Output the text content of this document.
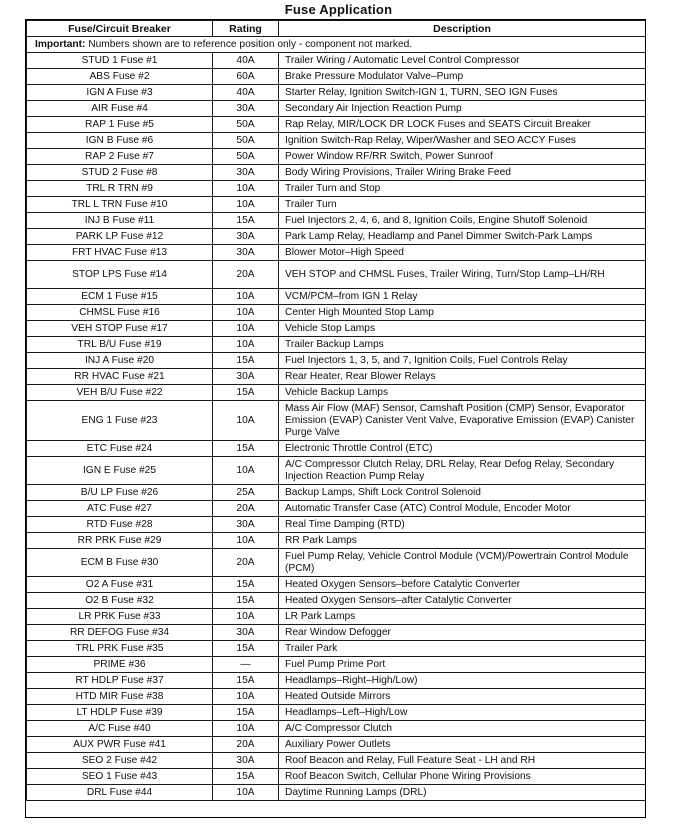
Fuse Application
Fuse/Circuit Breaker	Rating	Description
Important: Numbers shown are to reference position only - component not marked.		
STUD 1 Fuse #1	40A	Trailer Wiring / Automatic Level Control Compressor
ABS Fuse #2	60A	Brake Pressure Modulator Valve–Pump
IGN A Fuse #3	40A	Starter Relay, Ignition Switch-IGN 1, TURN, SEO IGN Fuses
AIR Fuse #4	30A	Secondary Air Injection Reaction Pump
RAP 1 Fuse #5	50A	Rap Relay, MIR/LOCK DR LOCK Fuses and SEATS Circuit Breaker
IGN B Fuse #6	50A	Ignition Switch-Rap Relay, Wiper/Washer and SEO ACCY Fuses
RAP 2 Fuse #7	50A	Power Window RF/RR Switch, Power Sunroof
STUD 2 Fuse #8	30A	Body Wiring Provisions, Trailer Wiring Brake Feed
TRL R TRN #9	10A	Trailer Turn and Stop
TRL L TRN Fuse #10	10A	Trailer Turn
INJ B Fuse #11	15A	Fuel Injectors 2, 4, 6, and 8, Ignition Coils, Engine Shutoff Solenoid
PARK LP Fuse #12	30A	Park Lamp Relay, Headlamp and Panel Dimmer Switch-Park Lamps
FRT HVAC Fuse #13	30A	Blower Motor–High Speed
STOP LPS Fuse #14	20A	VEH STOP and CHMSL Fuses, Trailer Wiring, Turn/Stop Lamp–LH/RH
ECM 1 Fuse #15	10A	VCM/PCM–from IGN 1 Relay
CHMSL Fuse #16	10A	Center High Mounted Stop Lamp
VEH STOP Fuse #17	10A	Vehicle Stop Lamps
TRL B/U Fuse #19	10A	Trailer Backup Lamps
INJ A Fuse #20	15A	Fuel Injectors 1, 3, 5, and 7, Ignition Coils, Fuel Controls Relay
RR HVAC Fuse #21	30A	Rear Heater, Rear Blower Relays
VEH B/U Fuse #22	15A	Vehicle Backup Lamps
ENG 1 Fuse #23	10A	Mass Air Flow (MAF) Sensor, Camshaft Position (CMP) Sensor, Evaporator Emission (EVAP) Canister Vent Valve, Evaporative Emission (EVAP) Canister Purge Valve
ETC Fuse #24	15A	Electronic Throttle Control (ETC)
IGN E Fuse #25	10A	A/C Compressor Clutch Relay, DRL Relay, Rear Defog Relay, Secondary Injection Reaction Pump Relay
B/U LP Fuse #26	25A	Backup Lamps, Shift Lock Control Solenoid
ATC Fuse #27	20A	Automatic Transfer Case (ATC) Control Module, Encoder Motor
RTD Fuse #28	30A	Real Time Damping (RTD)
RR PRK Fuse #29	10A	RR Park Lamps
ECM B Fuse #30	20A	Fuel Pump Relay, Vehicle Control Module (VCM)/Powertrain Control Module (PCM)
O2 A Fuse #31	15A	Heated Oxygen Sensors–before Catalytic Converter
O2 B Fuse #32	15A	Heated Oxygen Sensors–after Catalytic Converter
LR PRK Fuse #33	10A	LR Park Lamps
RR DEFOG Fuse #34	30A	Rear Window Defogger
TRL PRK Fuse #35	15A	Trailer Park
PRIME #36	—	Fuel Pump Prime Port
RT HDLP Fuse #37	15A	Headlamps–Right–High/Low)
HTD MIR Fuse #38	10A	Heated Outside Mirrors
LT HDLP Fuse #39	15A	Headlamps–Left–High/Low
A/C Fuse #40	10A	A/C Compressor Clutch
AUX PWR Fuse #41	20A	Auxiliary Power Outlets
SEO 2 Fuse #42	30A	Roof Beacon and Relay, Full Feature Seat - LH and RH
SEO 1 Fuse #43	15A	Roof Beacon Switch, Cellular Phone Wiring Provisions
DRL Fuse #44	10A	Daytime Running Lamps (DRL)
